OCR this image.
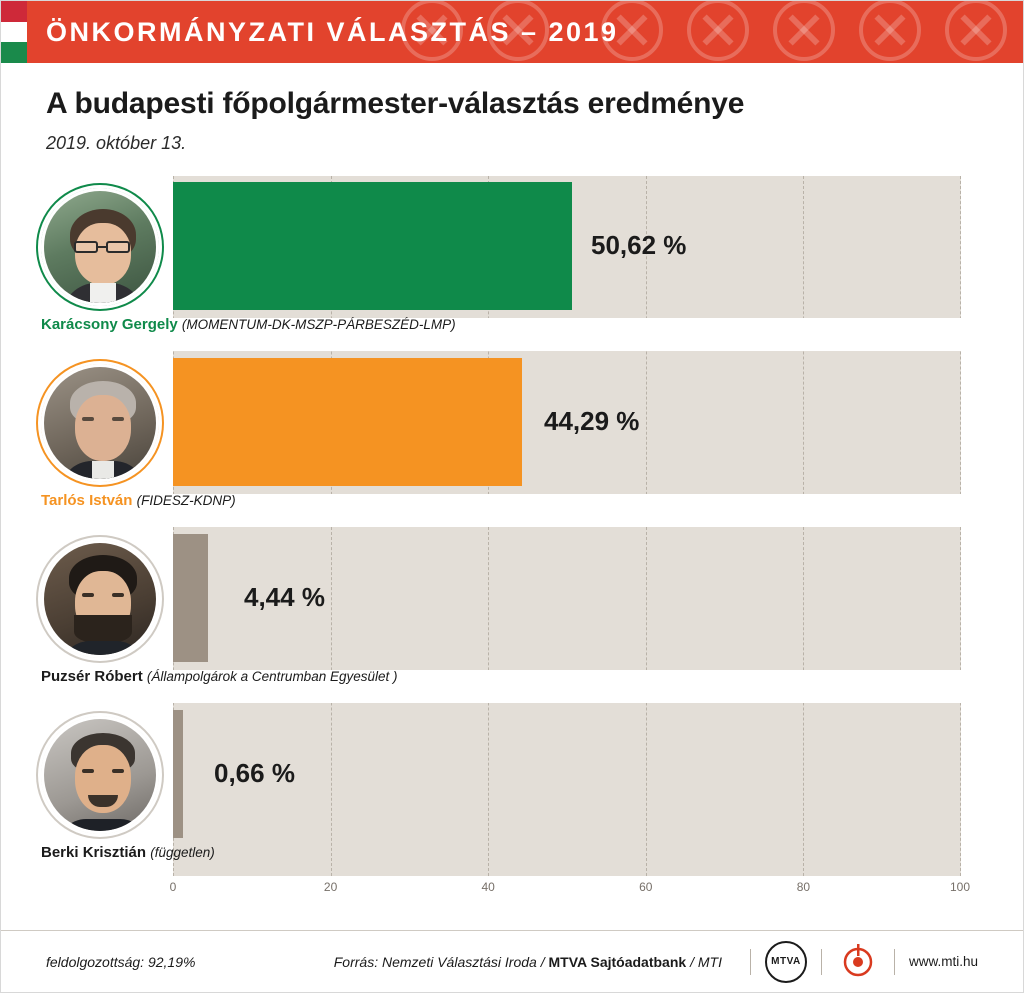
ÖNKORMÁNYZATI VÁLASZTÁS – 2019
A budapesti főpolgármester-választás eredménye
2019. október 13.
50,62 %
44,29 %
4,44 %
0,66 %
Karácsony Gergely (MOMENTUM-DK-MSZP-PÁRBESZÉD-LMP)
Tarlós István (FIDESZ-KDNP)
Puzsér Róbert (Állampolgárok a Centrumban Egyesület )
Berki Krisztián (független)
0	20	40	60	80	100
feldolgozottság: 92,19%	Forrás: Nemzeti Választási Iroda / MTVA Sajtóadatbank / MTI	MTVA	www.mti.hu
